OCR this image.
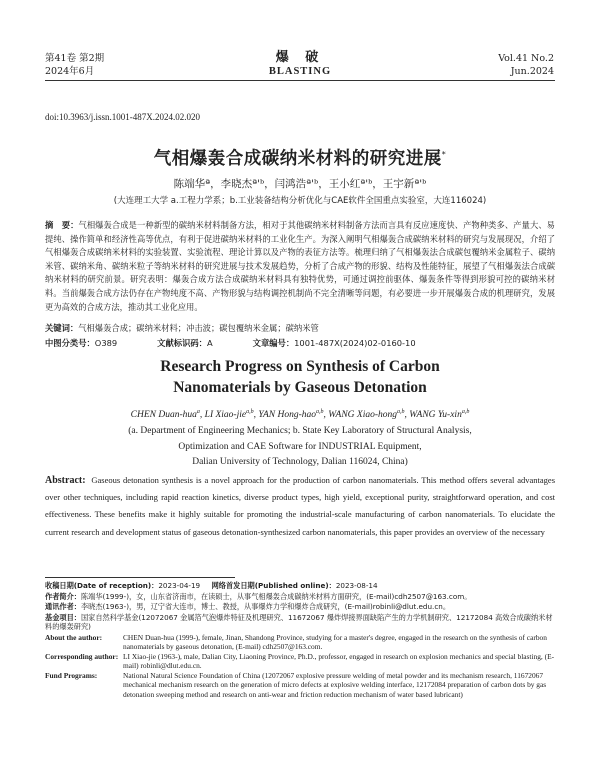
第41卷 第2期
2024年6月
爆 破
BLASTING
Vol.41 No.2
Jun.2024
doi:10.3963/j.issn.1001-487X.2024.02.020
气相爆轰合成碳纳米材料的研究进展*
陈端华ª，李晓杰ª'ᵇ，闫鸿浩ª'ᵇ，王小红ª'ᵇ，王宇新ª'ᵇ
(大连理工大学 a.工程力学系；b.工业装备结构分析优化与CAE软件全国重点实验室，大连116024)
摘　要：气相爆轰合成是一种新型的碳纳米材料制备方法，相对于其他碳纳米材料制备方法而言具有反应速度快、产物种类多、产量大、易提纯、操作简单和经济性高等优点，有利于促进碳纳米材料的工业化生产。为深入阐明气相爆轰合成碳纳米材料的研究与发展现况，介绍了气相爆轰合成碳纳米材料的实验装置、实验流程、理论计算以及产物的表征方法等。梳理归纳了气相爆轰法合成碳包覆纳米金属粒子、碳纳米管、碳纳米角、碳纳米粒子等纳米材料的研究进展与技术发展趋势，分析了合成产物的形貌、结构及性能特征，展望了气相爆轰法合成碳纳米材料的研究前景。研究表明：爆轰合成方法合成碳纳米材料具有独特优势，可通过调控前驱体、爆轰条件等得到形貌可控的碳纳米材料。当前爆轰合成方法仍存在产物纯度不高、产物形貌与结构调控机制尚不完全清晰等问题，有必要进一步开展爆轰合成的机理研究，发展更为高效的合成方法，推动其工业化应用。
关键词：气相爆轰合成；碳纳米材料；冲击波；碳包覆纳米金属；碳纳米管
中图分类号：O389	文献标识码：A	文章编号：1001-487X(2024)02-0160-10
Research Progress on Synthesis of Carbon
Nanomaterials by Gaseous Detonation
CHEN Duan-hua$^a$, LI Xiao-jie$^{a,b}$, YAN Hong-hao$^{a,b}$, WANG Xiao-hong$^{a,b}$, WANG Yu-xin$^{a,b}$
(a. Department of Engineering Mechanics; b. State Key Laboratory of Structural Analysis,
Optimization and CAE Software for INDUSTRIAL Equipment,
Dalian University of Technology, Dalian 116024, China)
Abstract: Gaseous detonation synthesis is a novel approach for the production of carbon nanomaterials. This method offers several advantages over other techniques, including rapid reaction kinetics, diverse product types, high yield, exceptional purity, straightforward operation, and cost effectiveness. These benefits make it highly suitable for promoting the industrial-scale manufacturing of carbon nanomaterials. To elucidate the current research and development status of gaseous detonation-synthesized carbon nanomaterials, this paper provides an overview of the necessary
收稿日期(Date of reception)：2023-04-19 网络首发日期(Published online)：2023-08-14
作者简介：陈端华(1999-)，女，山东省济南市，在读硕士，从事气相爆轰合成碳纳米材料方面研究，(E-mail)cdh2507@163.com。
通讯作者：李晓杰(1963-)，男，辽宁省大连市，博士、教授，从事爆炸力学和爆炸合成研究，(E-mail)robinli@dlut.edu.cn。
基金项目：国家自然科学基金(12072067 金属箔气泡爆炸特征及机理研究、11672067 爆炸焊接界面缺陷产生的力学机制研究、12172084 高效合成碳纳米材料的爆轰研究)
About the author:	CHEN Duan-hua (1999-), female, Jinan, Shandong Province, studying for a master's degree, engaged in the research on the synthesis of carbon nanomaterials by gaseous detonation, (E-mail) cdh2507@163.com.
Corresponding author: LI Xiao-jie (1963-), male, Dalian City, Liaoning Province, Ph.D., professor, engaged in research on explosion mechanics and special blasting, (E-mail) robinli@dlut.edu.cn.
Fund Programs:	National Natural Science Foundation of China (12072067 explosive pressure welding of metal powder and its mechanism research, 11672067 mechanical mechanism research on the generation of micro defects at explosive welding interface, 12172084 preparation of carbon dots by gas detonation sweeping method and research on anti-wear and friction reduction mechanism of water based lubricant)
